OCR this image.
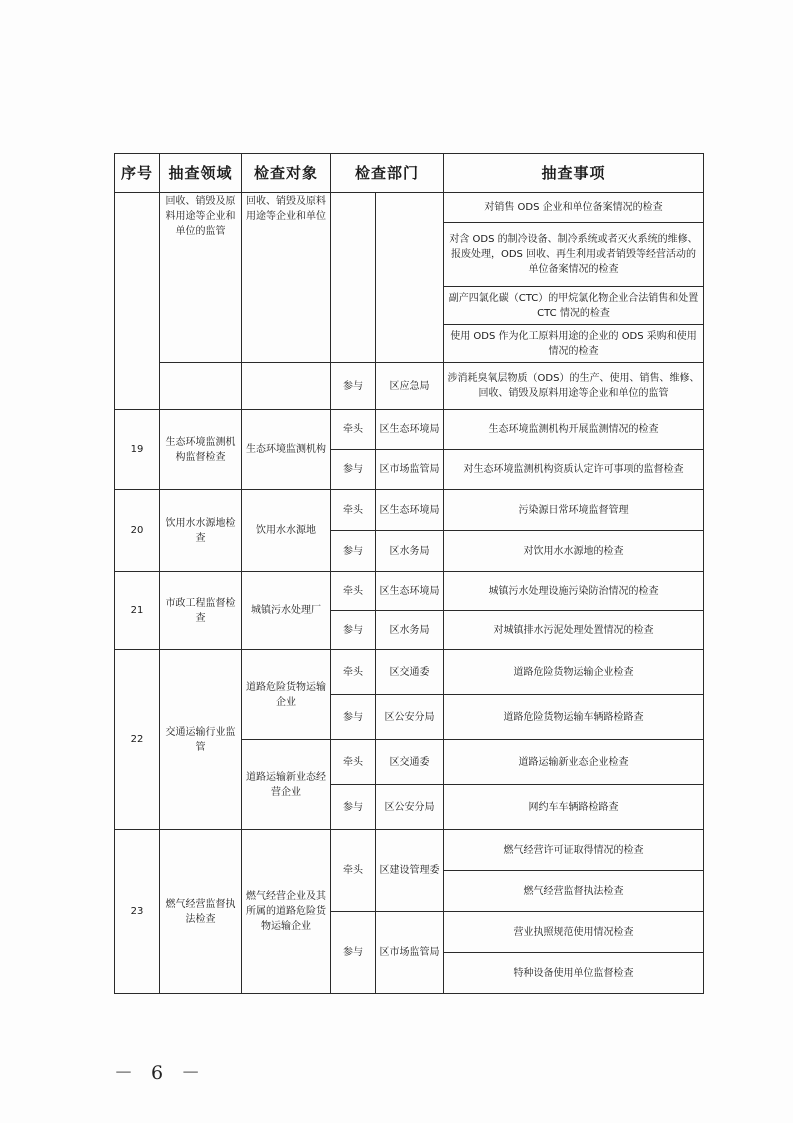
序号	抽查领域	检查对象	检查部门		抽查事项
	回收、销毁及原料用途等企业和单位的监管	回收、销毁及原料用途等企业和单位			对销售 ODS 企业和单位备案情况的检查
					对含 ODS 的制冷设备、制冷系统或者灭火系统的维修、报废处理，ODS 回收、再生利用或者销毁等经营活动的单位备案情况的检查
					副产四氯化碳（CTC）的甲烷氯化物企业合法销售和处置 CTC 情况的检查
					使用 ODS 作为化工原料用途的企业的 ODS 采购和使用情况的检查
			参与	区应急局	涉消耗臭氧层物质（ODS）的生产、使用、销售、维修、回收、销毁及原料用途等企业和单位的监管
19	生态环境监测机构监督检查	生态环境监测机构	牵头	区生态环境局	生态环境监测机构开展监测情况的检查
			参与	区市场监管局	对生态环境监测机构资质认定许可事项的监督检查
20	饮用水水源地检查	饮用水水源地	牵头	区生态环境局	污染源日常环境监督管理
			参与	区水务局	对饮用水水源地的检查
21	市政工程监督检查	城镇污水处理厂	牵头	区生态环境局	城镇污水处理设施污染防治情况的检查
			参与	区水务局	对城镇排水污泥处理处置情况的检查
22	交通运输行业监管	道路危险货物运输企业	牵头	区交通委	道路危险货物运输企业检查
			参与	区公安分局	道路危险货物运输车辆路检路查
		道路运输新业态经营企业	牵头	区交通委	道路运输新业态企业检查
			参与	区公安分局	网约车车辆路检路查
23	燃气经营监督执法检查	燃气经营企业及其所属的道路危险货物运输企业	牵头	区建设管理委	燃气经营许可证取得情况的检查
					燃气经营监督执法检查
			参与	区市场监管局	营业执照规范使用情况检查
					特种设备使用单位监督检查
－ 6 －
